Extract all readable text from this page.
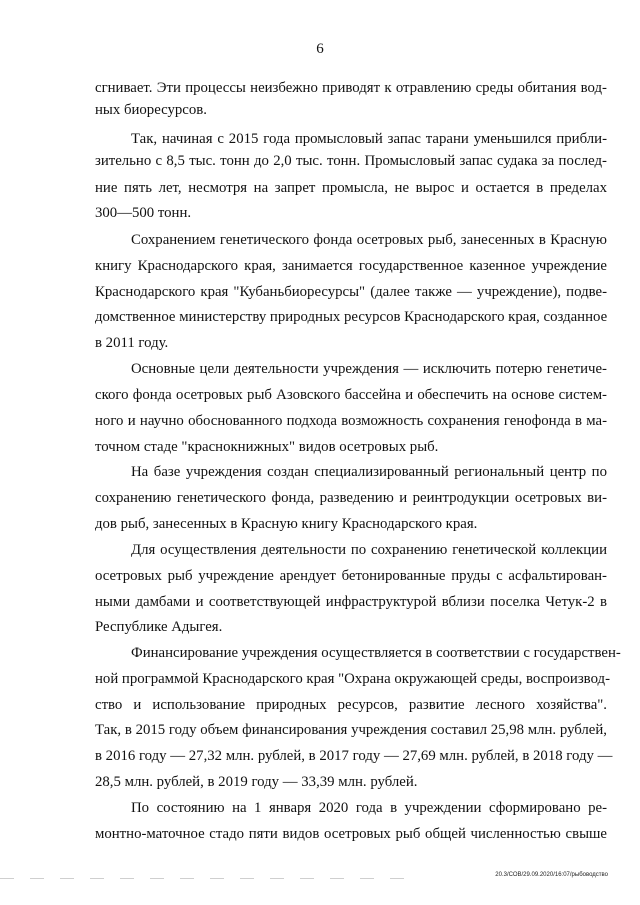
6
сгнивает. Эти процессы неизбежно приводят к отравлению среды обитания вод-
ных биоресурсов.
Так, начиная с 2015 года промысловый запас тарани уменьшился прибли-
зительно с 8,5 тыс. тонн до 2,0 тыс. тонн. Промысловый запас судака за послед-
ние пять лет, несмотря на запрет промысла, не вырос и остается в пределах
300—500 тонн.
Сохранением генетического фонда осетровых рыб, занесенных в Красную
книгу Краснодарского края, занимается государственное казенное учреждение
Краснодарского края "Кубаньбиоресурсы" (далее также — учреждение), подве-
домственное министерству природных ресурсов Краснодарского края, созданное
в 2011 году.
Основные цели деятельности учреждения — исключить потерю генетиче-
ского фонда осетровых рыб Азовского бассейна и обеспечить на основе систем-
ного и научно обоснованного подхода возможность сохранения генофонда в ма-
точном стаде "краснокнижных" видов осетровых рыб.
На базе учреждения создан специализированный региональный центр по
сохранению генетического фонда, разведению и реинтродукции осетровых ви-
дов рыб, занесенных в Красную книгу Краснодарского края.
Для осуществления деятельности по сохранению генетической коллекции
осетровых рыб учреждение арендует бетонированные пруды с асфальтирован-
ными дамбами и соответствующей инфраструктурой вблизи поселка Четук-2 в
Республике Адыгея.
Финансирование учреждения осуществляется в соответствии с государствен-
ной программой Краснодарского края "Охрана окружающей среды, воспроизвод-
ство и использование природных ресурсов, развитие лесного хозяйства".
Так, в 2015 году объем финансирования учреждения составил 25,98 млн. рублей,
в 2016 году — 27,32 млн. рублей, в 2017 году — 27,69 млн. рублей, в 2018 году —
28,5 млн. рублей, в 2019 году — 33,39 млн. рублей.
По состоянию на 1 января 2020 года в учреждении сформировано ре-
монтно-маточное стадо пяти видов осетровых рыб общей численностью свыше
20.3/СОВ/29.09.2020/16:07/рыбоводство
